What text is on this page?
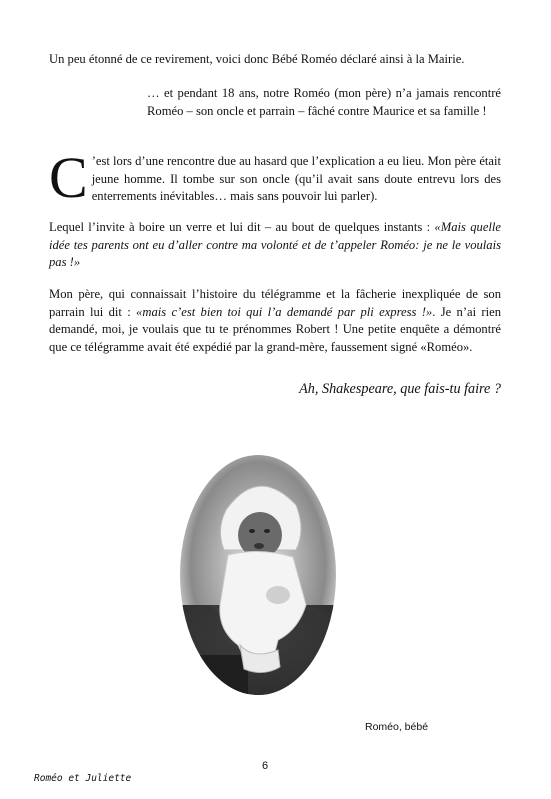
Un peu étonné de ce revirement, voici donc Bébé Roméo déclaré ainsi à la Mairie.

… et pendant 18 ans, notre Roméo (mon père) n’a jamais rencontré Roméo – son oncle et parrain – fâché contre Maurice et sa famille !

C ’est lors d’une rencontre due au hasard que l’explication a eu lieu. Mon père était jeune homme. Il tombe sur son oncle (qu’il avait sans doute entrevu lors des enterrements inévitables… mais sans pouvoir lui parler).

Lequel l’invite à boire un verre et lui dit – au bout de quelques instants : «Mais quelle idée tes parents ont eu d’aller contre ma volonté et de t’appeler Roméo: je ne le voulais pas !»

Mon père, qui connaissait l’histoire du télégramme et la fâcherie inexpliquée de son parrain lui dit : «mais c’est bien toi qui l’a demandé par pli express !». Je n’ai rien demandé, moi, je voulais que tu te prénommes Robert ! Une petite enquête a démontré que ce télégramme avait été expédié par la grand-mère, faussement signé «Roméo».

Ah, Shakespeare, que fais-tu faire ?
Roméo, bébé
6
Roméo et Juliette
